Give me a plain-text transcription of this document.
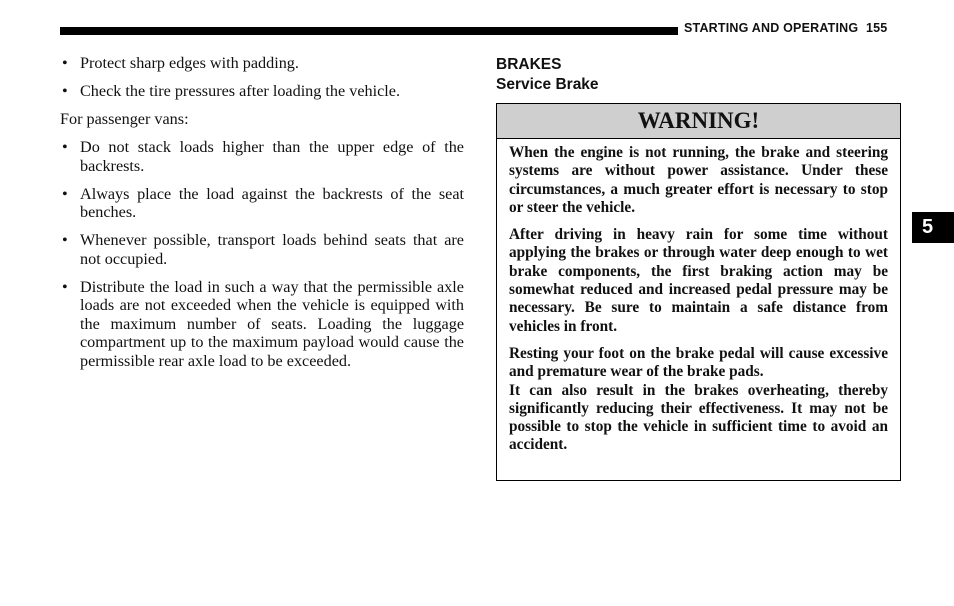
STARTING AND OPERATING 155
• Protect sharp edges with padding.
• Check the tire pressures after loading the vehicle.

For passenger vans:

• Do not stack loads higher than the upper edge of the backrests.
• Always place the load against the backrests of the seat benches.
• Whenever possible, transport loads behind seats that are not occupied.
• Distribute the load in such a way that the permissible axle loads are not exceeded when the vehicle is equipped with the maximum number of seats. Loading the luggage compartment up to the maximum payload would cause the permissible rear axle load to be exceeded.
BRAKES
Service Brake
WARNING!

When the engine is not running, the brake and steering systems are without power assistance. Under these circumstances, a much greater effort is necessary to stop or steer the vehicle.

After driving in heavy rain for some time without applying the brakes or through water deep enough to wet brake components, the first braking action may be somewhat reduced and increased pedal pressure may be necessary. Be sure to maintain a safe distance from vehicles in front.

Resting your foot on the brake pedal will cause excessive and premature wear of the brake pads.

It can also result in the brakes overheating, thereby significantly reducing their effectiveness. It may not be possible to stop the vehicle in sufficient time to avoid an accident.

5
